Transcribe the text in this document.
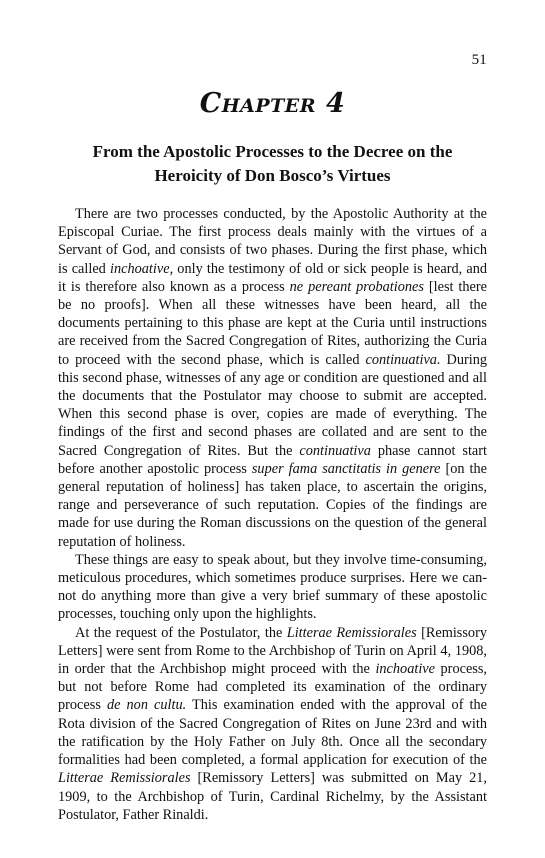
51
Chapter 4
From the Apostolic Processes to the Decree on the
Heroicity of Don Bosco’s Virtues

There are two processes conducted, by the Apostolic Authority at the Episcopal Curiae. The first process deals mainly with the virtues of a Servant of God, and consists of two phases. During the first phase, which is called inchoative, only the testimony of old or sick people is heard, and it is therefore also known as a process ne pereant probationes [lest there be no proofs]. When all these witnesses have been heard, all the documents pertaining to this phase are kept at the Curia until instructions are received from the Sacred Congregation of Rites, authorizing the Curia to proceed with the second phase, which is called continuativa. During this second phase, witnesses of any age or condition are questioned and all the documents that the Postulator may choose to submit are accepted. When this second phase is over, copies are made of everything. The findings of the first and second phases are collated and are sent to the Sacred Congregation of Rites. But the continuativa phase cannot start before another apostolic process super fama sanctitatis in genere [on the general reputation of holiness] has taken place, to ascertain the origins, range and perseverance of such reputation. Copies of the findings are made for use during the Roman discussions on the question of the general reputation of holiness.

These things are easy to speak about, but they involve time-consuming, meticulous procedures, which sometimes produce surprises. Here we cannot do anything more than give a very brief summary of these apostolic processes, touching only upon the highlights.

At the request of the Postulator, the Litterae Remissiorales [Remissory Letters] were sent from Rome to the Archbishop of Turin on April 4, 1908, in order that the Archbishop might proceed with the inchoative process, but not before Rome had completed its examination of the ordinary process de non cultu. This examination ended with the approval of the Rota division of the Sacred Congregation of Rites on June 23rd and with the ratification by the Holy Father on July 8th. Once all the secondary formalities had been completed, a formal application for execution of the Litterae Remissiorales [Remissory Letters] was submitted on May 21, 1909, to the Archbishop of Turin, Cardinal Richelmy, by the Assistant Postulator, Father Rinaldi.
